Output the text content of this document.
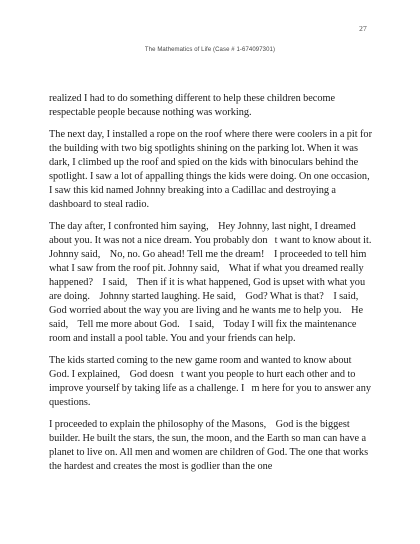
27
The Mathematics of Life (Case # 1-674097301)

realized I had to do something different to help these children become respectable people because nothing was working.

The next day, I installed a rope on the roof where there were coolers in a pit for the building with two big spotlights shining on the parking lot. When it was dark, I climbed up the roof and spied on the kids with binoculars behind the spotlight. I saw a lot of appalling things the kids were doing. On one occasion, I saw this kid named Johnny breaking into a Cadillac and destroying a dashboard to steal radio.

The day after, I confronted him saying,    Hey Johnny, last night, I dreamed about you. It was not a nice dream. You probably don   t want to know about it.    Johnny said,    No, no. Go ahead! Tell me the dream!    I proceeded to tell him what I saw from the roof pit. Johnny said,    What if what you dreamed really happened?    I said,    Then if it is what happened, God is upset with what you are doing.    Johnny started laughing. He said,    God? What is that?    I said,    God worried about the way you are living and he wants me to help you.    He said,    Tell me more about God.    I said,    Today I will fix the maintenance room and install a pool table. You and your friends can help.

The kids started coming to the new game room and wanted to know about God. I explained,    God doesn   t want you people to hurt each other and to improve yourself by taking life as a challenge. I   m here for you to answer any questions.

I proceeded to explain the philosophy of the Masons,    God is the biggest builder. He built the stars, the sun, the moon, and the Earth so man can have a planet to live on. All men and women are children of God. The one that works the hardest and creates the most is godlier than the one
